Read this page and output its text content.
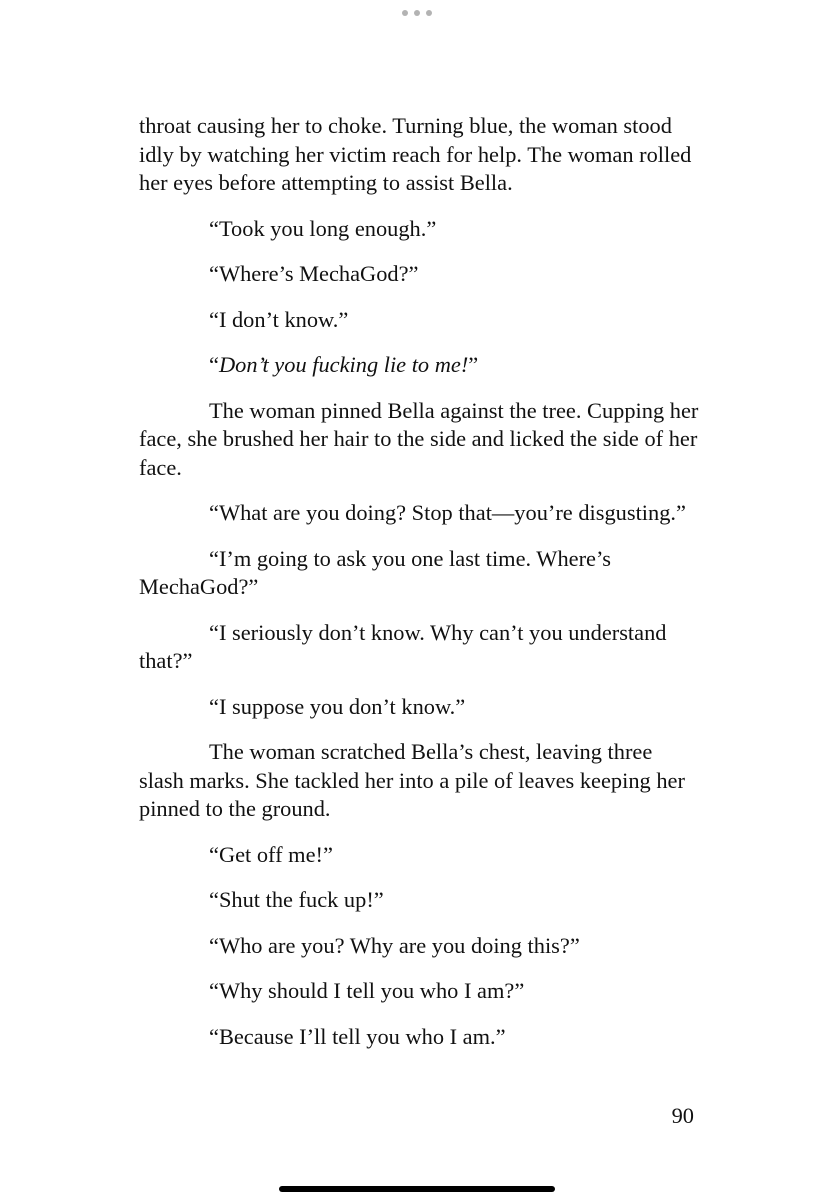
throat causing her to choke. Turning blue, the woman stood idly by watching her victim reach for help. The woman rolled her eyes before attempting to assist Bella.

“Took you long enough.”

“Where’s MechaGod?”

“I don’t know.”

“Don’t you fucking lie to me!”

The woman pinned Bella against the tree. Cupping her face, she brushed her hair to the side and licked the side of her face.

“What are you doing? Stop that—you’re disgusting.”

“I’m going to ask you one last time. Where’s MechaGod?”

“I seriously don’t know. Why can’t you understand that?”

“I suppose you don’t know.”

The woman scratched Bella’s chest, leaving three slash marks. She tackled her into a pile of leaves keeping her pinned to the ground.

“Get off me!”

“Shut the fuck up!”

“Who are you? Why are you doing this?”

“Why should I tell you who I am?”

“Because I’ll tell you who I am.”

90
